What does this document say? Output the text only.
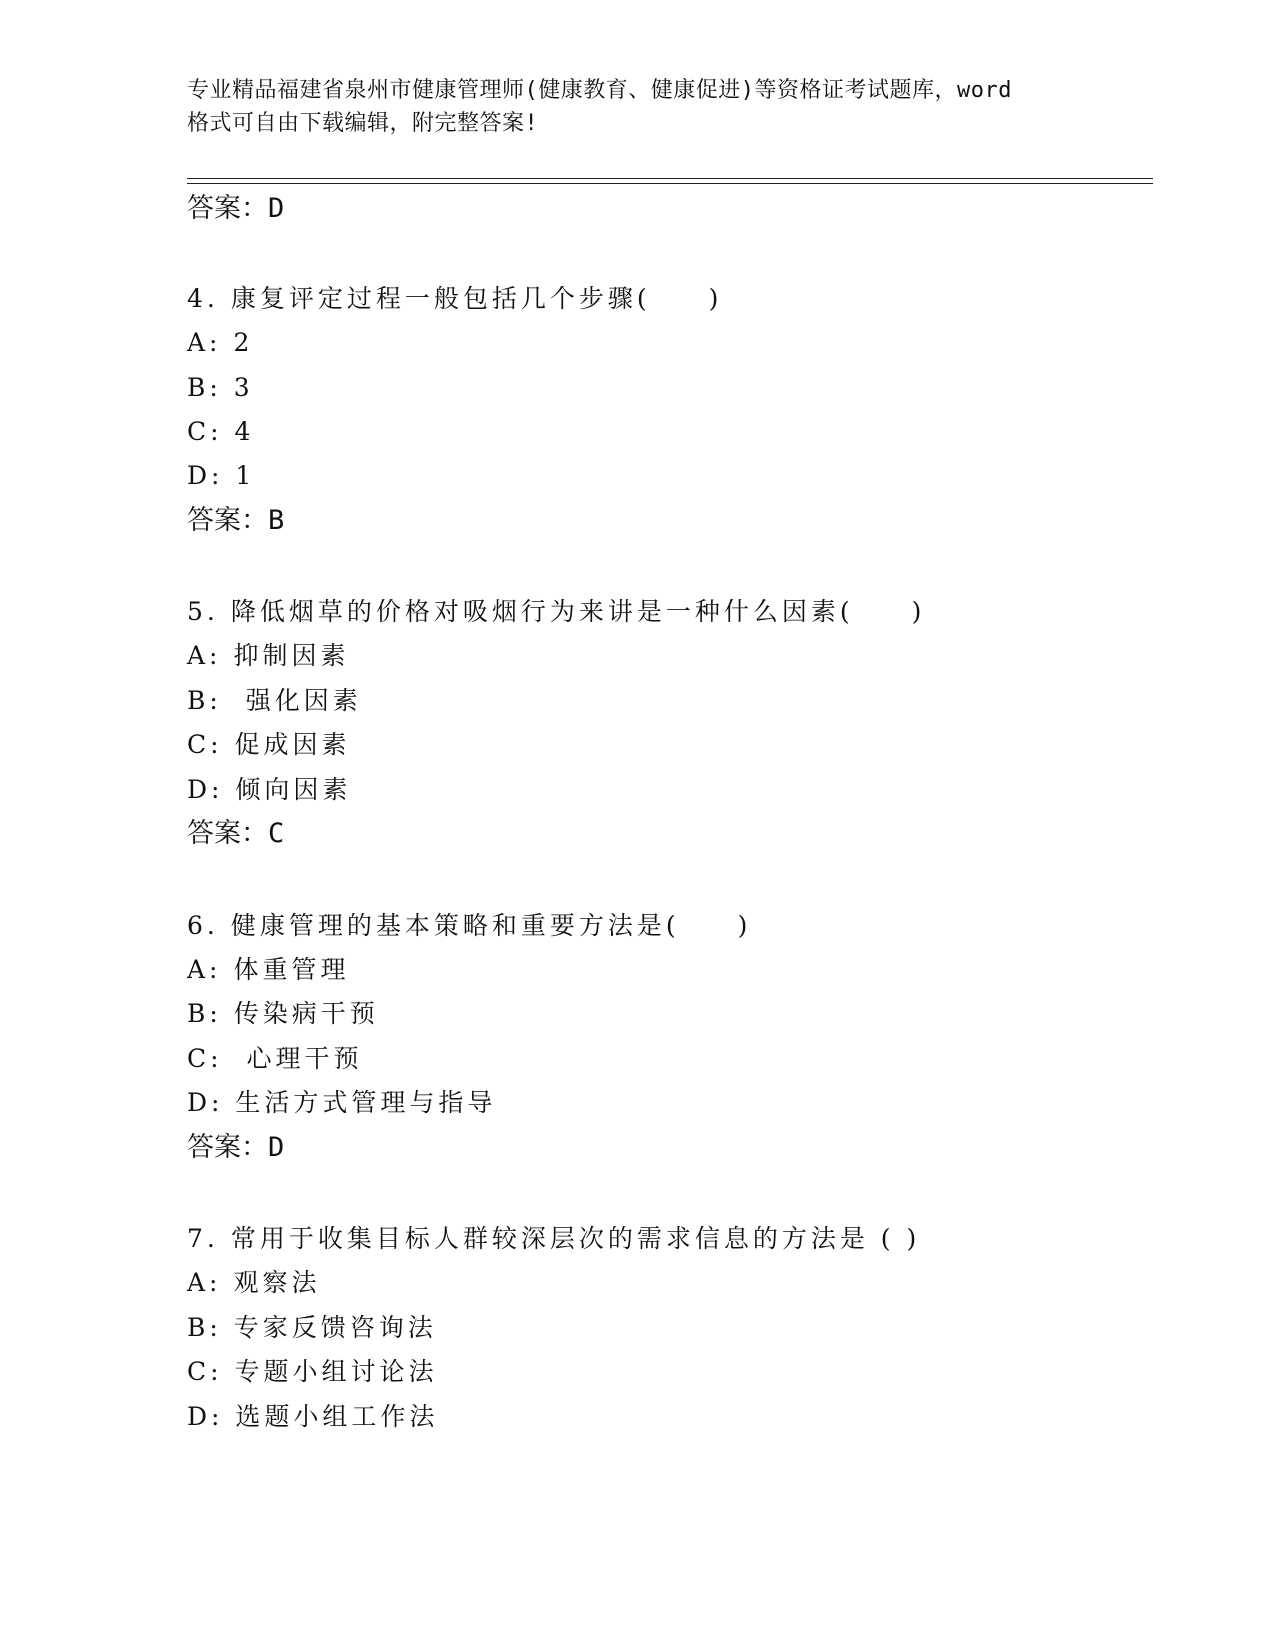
专业精品福建省泉州市健康管理师(健康教育、健康促进)等资格证考试题库，word
格式可自由下载编辑，附完整答案!
答案：D
4. 康复评定过程一般包括几个步骤(　　)
A: 2
B: 3
C: 4
D: 1
答案：B
5. 降低烟草的价格对吸烟行为来讲是一种什么因素(　　)
A: 抑制因素
B:  强化因素
C: 促成因素
D: 倾向因素
答案：C
6. 健康管理的基本策略和重要方法是(　　)
A: 体重管理
B: 传染病干预
C:  心理干预
D: 生活方式管理与指导
答案：D
7. 常用于收集目标人群较深层次的需求信息的方法是 ( )
A: 观察法
B: 专家反馈咨询法
C: 专题小组讨论法
D: 选题小组工作法
